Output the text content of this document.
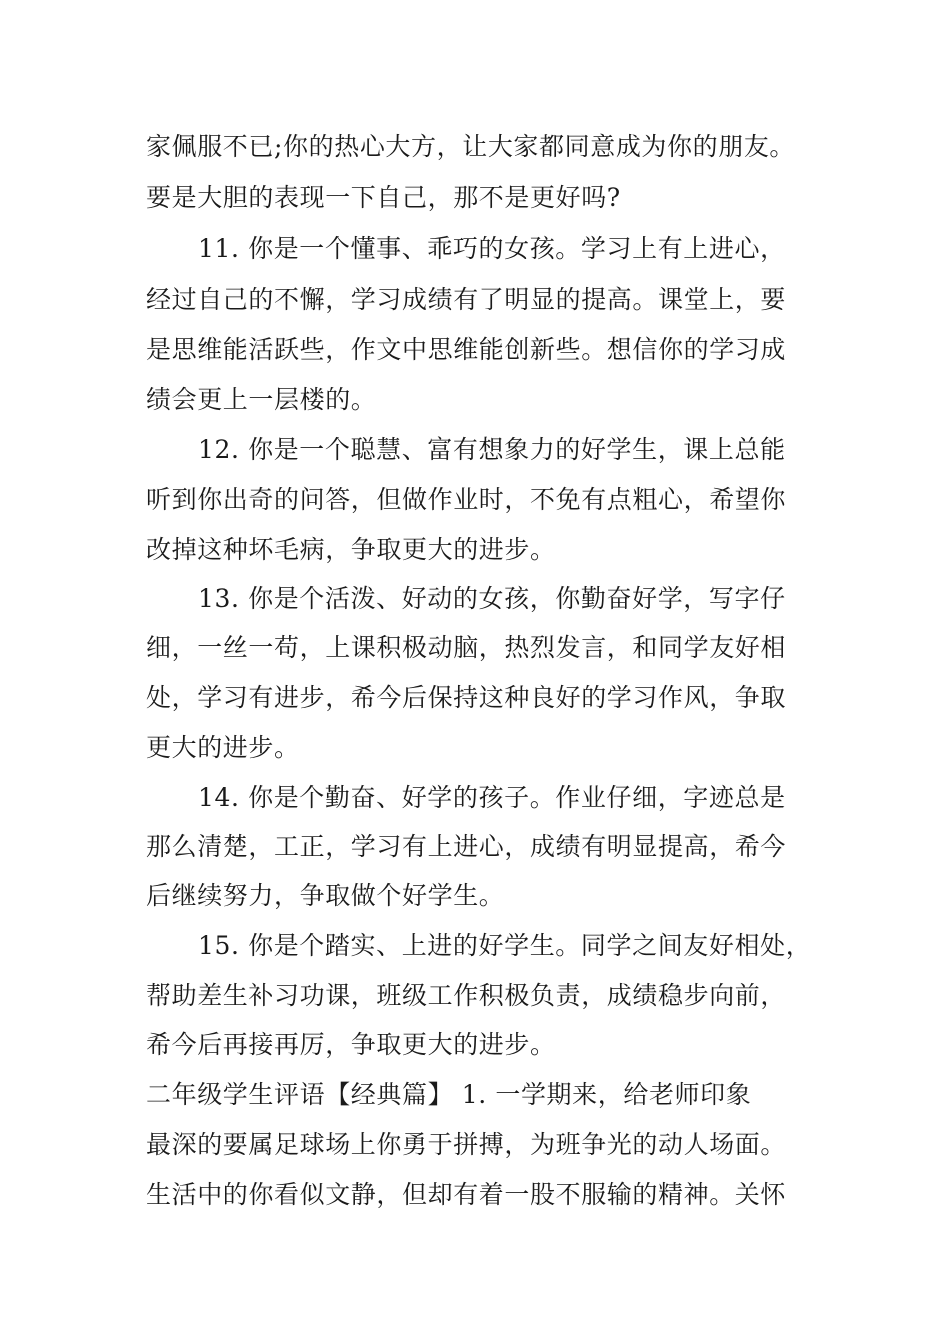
家佩服不已;你的热心大方，让大家都同意成为你的朋友。
要是大胆的表现一下自己，那不是更好吗?
11. 你是一个懂事、乖巧的女孩。学习上有上进心，
经过自己的不懈，学习成绩有了明显的提高。课堂上，要
是思维能活跃些，作文中思维能创新些。想信你的学习成
绩会更上一层楼的。
12. 你是一个聪慧、富有想象力的好学生，课上总能
听到你出奇的问答，但做作业时，不免有点粗心，希望你
改掉这种坏毛病，争取更大的进步。
13. 你是个活泼、好动的女孩，你勤奋好学，写字仔
细，一丝一苟，上课积极动脑，热烈发言，和同学友好相
处，学习有进步，希今后保持这种良好的学习作风，争取
更大的进步。
14. 你是个勤奋、好学的孩子。作业仔细，字迹总是
那么清楚，工正，学习有上进心，成绩有明显提高，希今
后继续努力，争取做个好学生。
15. 你是个踏实、上进的好学生。同学之间友好相处，
帮助差生补习功课，班级工作积极负责，成绩稳步向前，
希今后再接再厉，争取更大的进步。
二年级学生评语【经典篇】 1. 一学期来，给老师印象
最深的要属足球场上你勇于拼搏，为班争光的动人场面。
生活中的你看似文静，但却有着一股不服输的精神。关怀
